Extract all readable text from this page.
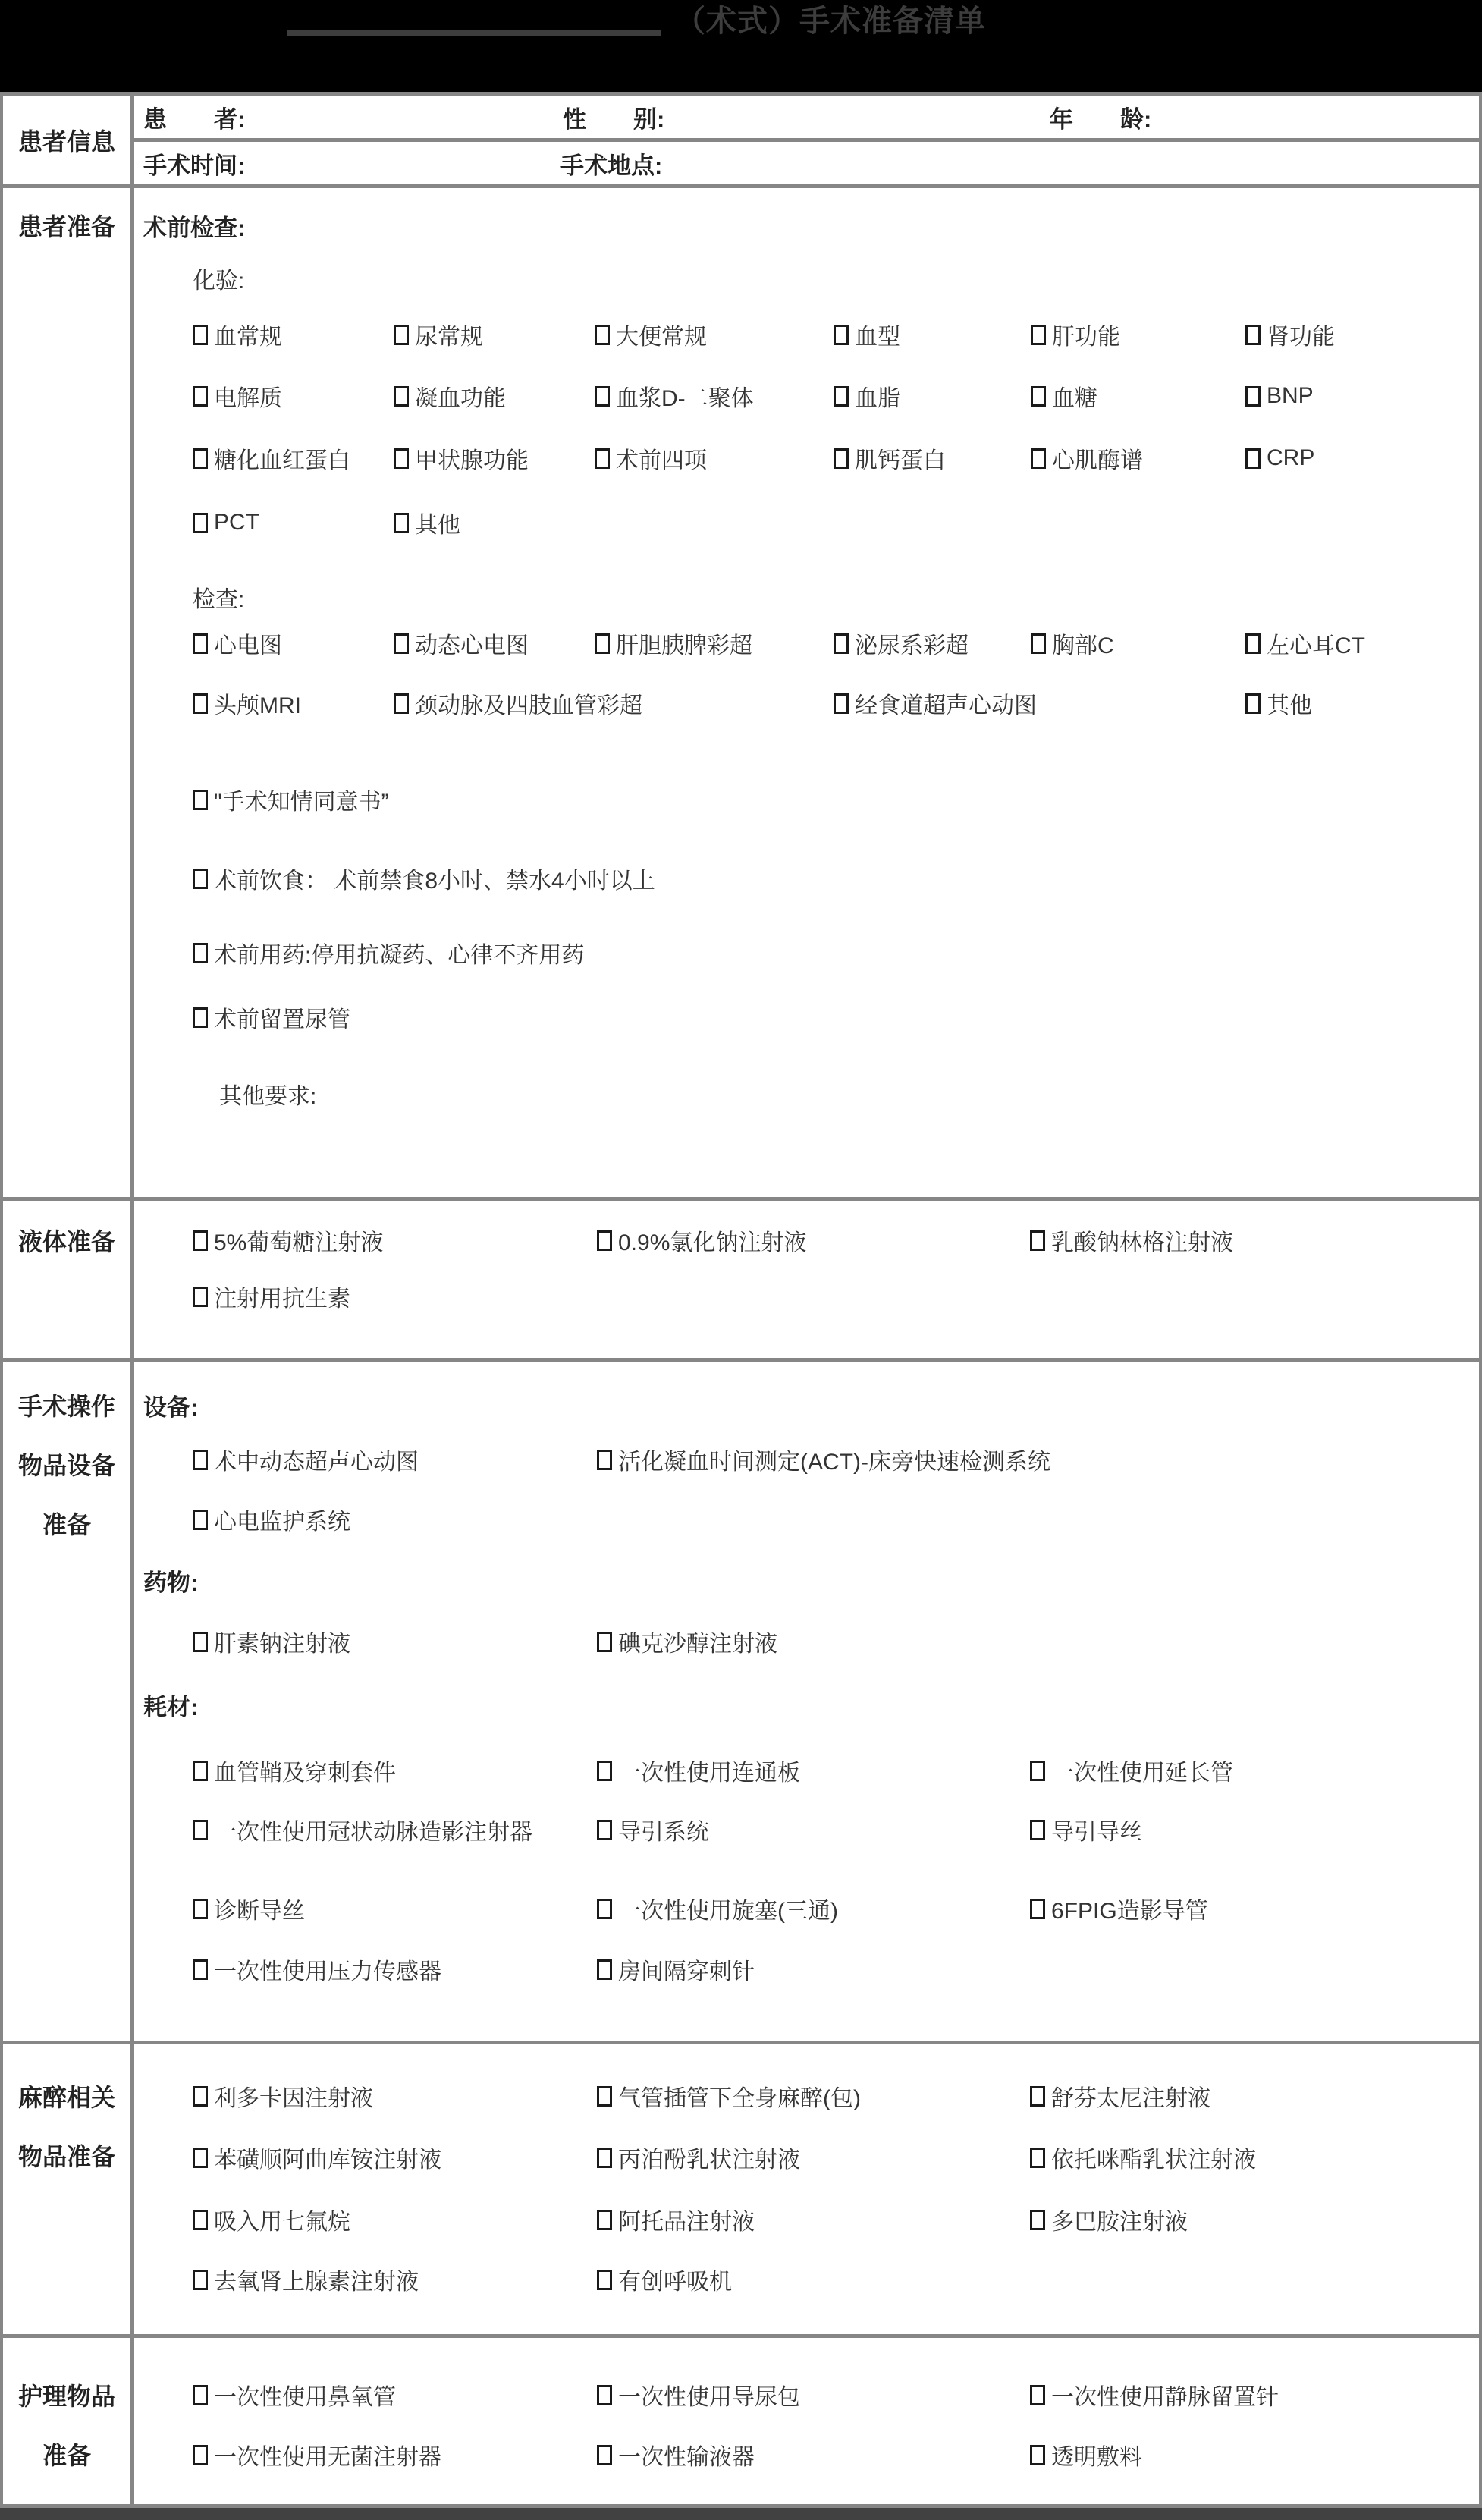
（术式）手术准备清单
患者信息
患　　者:	性　　别:	年　　龄:
手术时间:	手术地点:
患者准备	术前检查:
化验:
血常规	尿常规	大便常规	血型	肝功能	肾功能
电解质	凝血功能	血浆D-二聚体	血脂	血糖	BNP
糖化血红蛋白	甲状腺功能	术前四项	肌钙蛋白	心肌酶谱	CRP
PCT	其他
检查:
心电图	动态心电图	肝胆胰脾彩超	泌尿系彩超	胸部C	左心耳CT
头颅MRI	颈动脉及四肢血管彩超	经食道超声心动图	其他
"手术知情同意书”
术前饮食： 术前禁食8小时、禁水4小时以上
术前用药:停用抗凝药、心律不齐用药
术前留置尿管
其他要求:
液体准备	5%葡萄糖注射液	0.9%氯化钠注射液	乳酸钠林格注射液
注射用抗生素
手术操作
物品设备
准备
设备:
术中动态超声心动图	活化凝血时间测定(ACT)-床旁快速检测系统
心电监护系统
药物:
肝素钠注射液	碘克沙醇注射液
耗材:
血管鞘及穿刺套件	一次性使用连通板	一次性使用延长管
一次性使用冠状动脉造影注射器	导引系统	导引导丝
诊断导丝	一次性使用旋塞(三通)	6FPIG造影导管
一次性使用压力传感器	房间隔穿刺针
麻醉相关
物品准备
利多卡因注射液	气管插管下全身麻醉(包)	舒芬太尼注射液
苯磺顺阿曲库铵注射液	丙泊酚乳状注射液	依托咪酯乳状注射液
吸入用七氟烷	阿托品注射液	多巴胺注射液
去氧肾上腺素注射液	有创呼吸机
护理物品
准备
一次性使用鼻氧管	一次性使用导尿包	一次性使用静脉留置针
一次性使用无菌注射器	一次性输液器	透明敷料
